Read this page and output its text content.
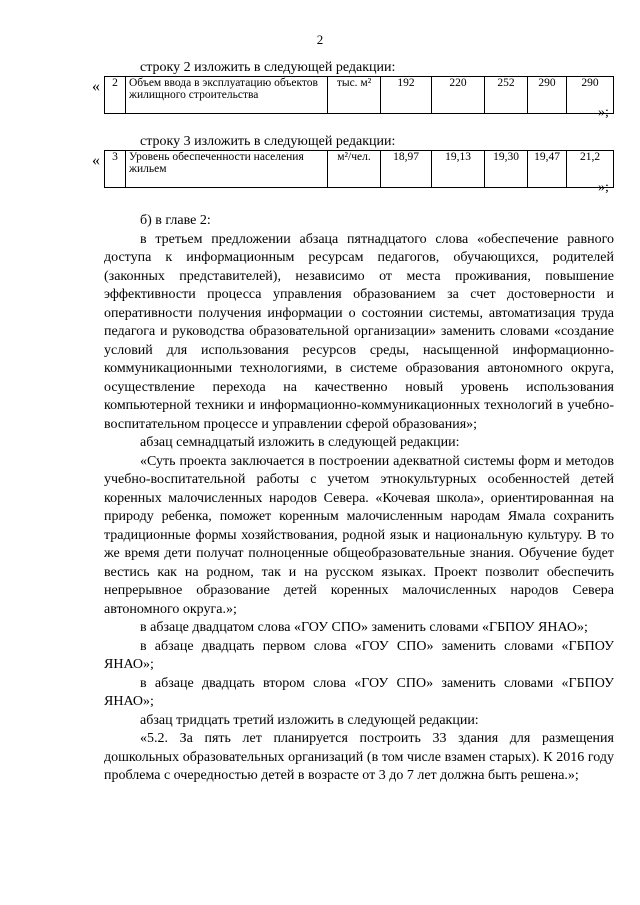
2
строку 2 изложить в следующей редакции:
« 2	Объем ввода в эксплуатацию объектов жилищного строительства	тыс. м²	192	220	252	290	290
»;
строку 3 изложить в следующей редакции:
« 3	Уровень обеспеченности населения жильем	м²/чел.	18,97	19,13	19,30	19,47	21,2
»;

б) в главе 2:

в третьем предложении абзаца пятнадцатого слова «обеспечение равного доступа к информационным ресурсам педагогов, обучающихся, родителей (законных представителей), независимо от места проживания, повышение эффективности процесса управления образованием за счет достоверности и оперативности получения информации о состоянии системы, автоматизация труда педагога и руководства образовательной организации» заменить словами «создание условий для использования ресурсов среды, насыщенной информационно-коммуникационными технологиями, в системе образования автономного округа, осуществление перехода на качественно новый уровень использования компьютерной техники и информационно-коммуникационных технологий в учебно-воспитательном процессе и управлении сферой образования»;

абзац семнадцатый изложить в следующей редакции:

«Суть проекта заключается в построении адекватной системы форм и методов учебно-воспитательной работы с учетом этнокультурных особенностей детей коренных малочисленных народов Севера. «Кочевая школа», ориентированная на природу ребенка, поможет коренным малочисленным народам Ямала сохранить традиционные формы хозяйствования, родной язык и национальную культуру. В то же время дети получат полноценные общеобразовательные знания. Обучение будет вестись как на родном, так и на русском языках. Проект позволит обеспечить непрерывное образование детей коренных малочисленных народов Севера автономного округа.»;

в абзаце двадцатом слова «ГОУ СПО» заменить словами «ГБПОУ ЯНАО»;

в абзаце двадцать первом слова «ГОУ СПО» заменить словами «ГБПОУ ЯНАО»;

в абзаце двадцать втором слова «ГОУ СПО» заменить словами «ГБПОУ ЯНАО»;

абзац тридцать третий изложить в следующей редакции:

«5.2. За пять лет планируется построить 33 здания для размещения дошкольных образовательных организаций (в том числе взамен старых). К 2016 году проблема с очередностью детей в возрасте от 3 до 7 лет должна быть решена.»;
